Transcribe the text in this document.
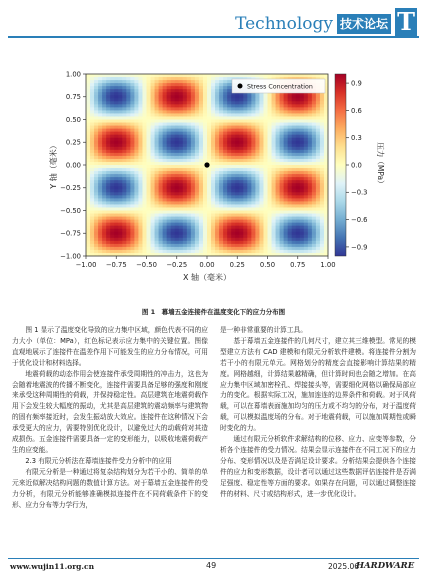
Technology 技术论坛 T
−1.00 −0.75 −0.50 −0.25 0.00 0.25 0.50 0.75 1.00
1.00
0.75
0.50
0.25
0.00
−0.25
−0.50
−0.75
−1.00
X 轴（毫米）
Y 轴（毫米）
Stress Concentration	0.9
0.6
0.3
0.0
−0.3
−0.6
−0.9
压力（MPa）
图 1　幕墙五金连接件在温度变化下的应力分布图

图 1 显示了温度变化导致的应力集中区域，颜色代表不同的应力大小（单位：MPa），红色标记表示应力集中的关键位置。图像直观地展示了连接件在温差作用下可能发生的应力分布情况，可用于优化设计和材料选择。

地震荷载的动态作用会使连接件承受周期性的冲击力，这也为会随着地震波的传播不断变化，连接件需要具备足够的强度和刚度来承受这种周期性的荷载，并保持稳定性。高层建筑在地震荷载作用下会发生较大幅度的振动，尤其是高层建筑的震动频率与建筑物的固有频率接近时，会发生振动放大效应。连接件在这种情况下会承受更大的应力，需要特别优化设计，以避免过大的动载荷对其造成损伤。五金连接件需要具备一定的变形能力，以吸收地震荷载产生的应变能。

2.3 有限元分析法在幕墙连接件受力分析中的应用

有限元分析是一种通过将复杂结构划分为若干小的、简单的单元来近似解决结构问题的数值计算方法。对于幕墙五金连接件的受力分析，有限元分析能够准确模拟连接件在不同荷载条件下的变形、应力分布等力学行为，

是一种非常重要的计算工具。

基于幕墙五金连接件的几何尺寸，建立其三维模型。常见的模型建立方法有 CAD 建模和有限元分析软件建模。将连接件分割为若干小的有限元单元。网格划分的精度会直接影响计算结果的精度。网格越细，计算结果越精确，但计算时间也会随之增加。在高应力集中区域加密栓孔、焊接接头等，需要细化网格以确保局部应力的变化。根据实际工况，施加连连的边界条件和荷载。对于风荷载，可以在幕墙表面施加均匀的压力或不均匀的分布，对于温度荷载，可以模拟温度场的分布。对于地震荷载，可以施加周期性或瞬时变化的力。

通过有限元分析软件求解结构的位移、应力、应变等参数，分析各个连接件的受力情况。结果会显示连接件在不同工况下的应力分布、变形情况以及是否满足设计要求。分析结果会提供各个连接件的应力和变形数据，设计者可以通过这些数据评估连接件是否满足强度、稳定性等方面的要求。如果存在问题，可以通过调整连接件的材料、尺寸或结构形式，进一步优化设计。

www.wujin11.org.cn	49	2025.06
HARDWARE
